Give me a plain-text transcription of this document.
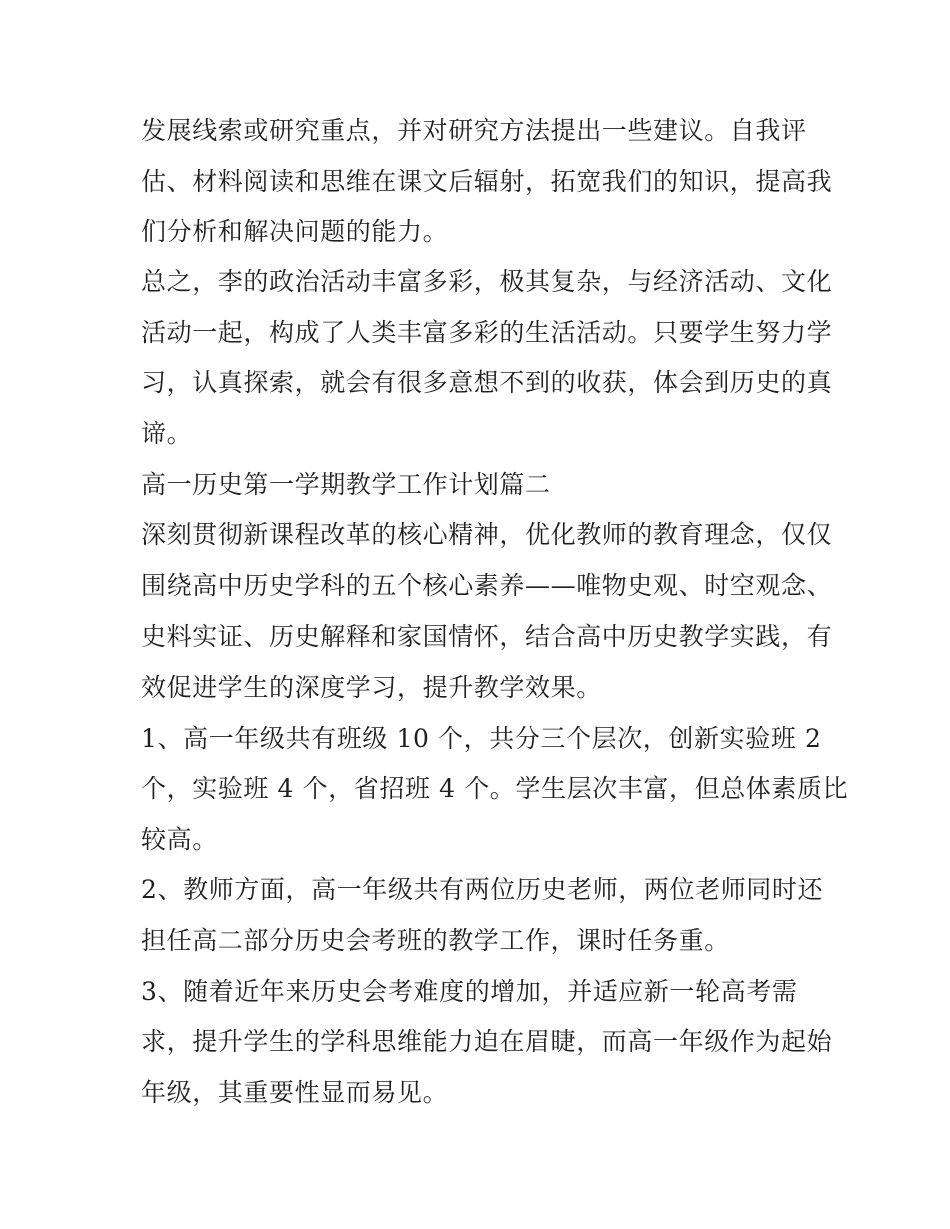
发展线索或研究重点，并对研究方法提出一些建议。自我评
估、材料阅读和思维在课文后辐射，拓宽我们的知识，提高我
们分析和解决问题的能力。
总之，李的政治活动丰富多彩，极其复杂，与经济活动、文化
活动一起，构成了人类丰富多彩的生活活动。只要学生努力学
习，认真探索，就会有很多意想不到的收获，体会到历史的真
谛。
高一历史第一学期教学工作计划篇二
深刻贯彻新课程改革的核心精神，优化教师的教育理念，仅仅
围绕高中历史学科的五个核心素养——唯物史观、时空观念、
史料实证、历史解释和家国情怀，结合高中历史教学实践，有
效促进学生的深度学习，提升教学效果。
1、高一年级共有班级 10 个，共分三个层次，创新实验班 2
个，实验班 4 个，省招班 4 个。学生层次丰富，但总体素质比
较高。
2、教师方面，高一年级共有两位历史老师，两位老师同时还
担任高二部分历史会考班的教学工作，课时任务重。
3、随着近年来历史会考难度的增加，并适应新一轮高考需
求，提升学生的学科思维能力迫在眉睫，而高一年级作为起始
年级，其重要性显而易见。
